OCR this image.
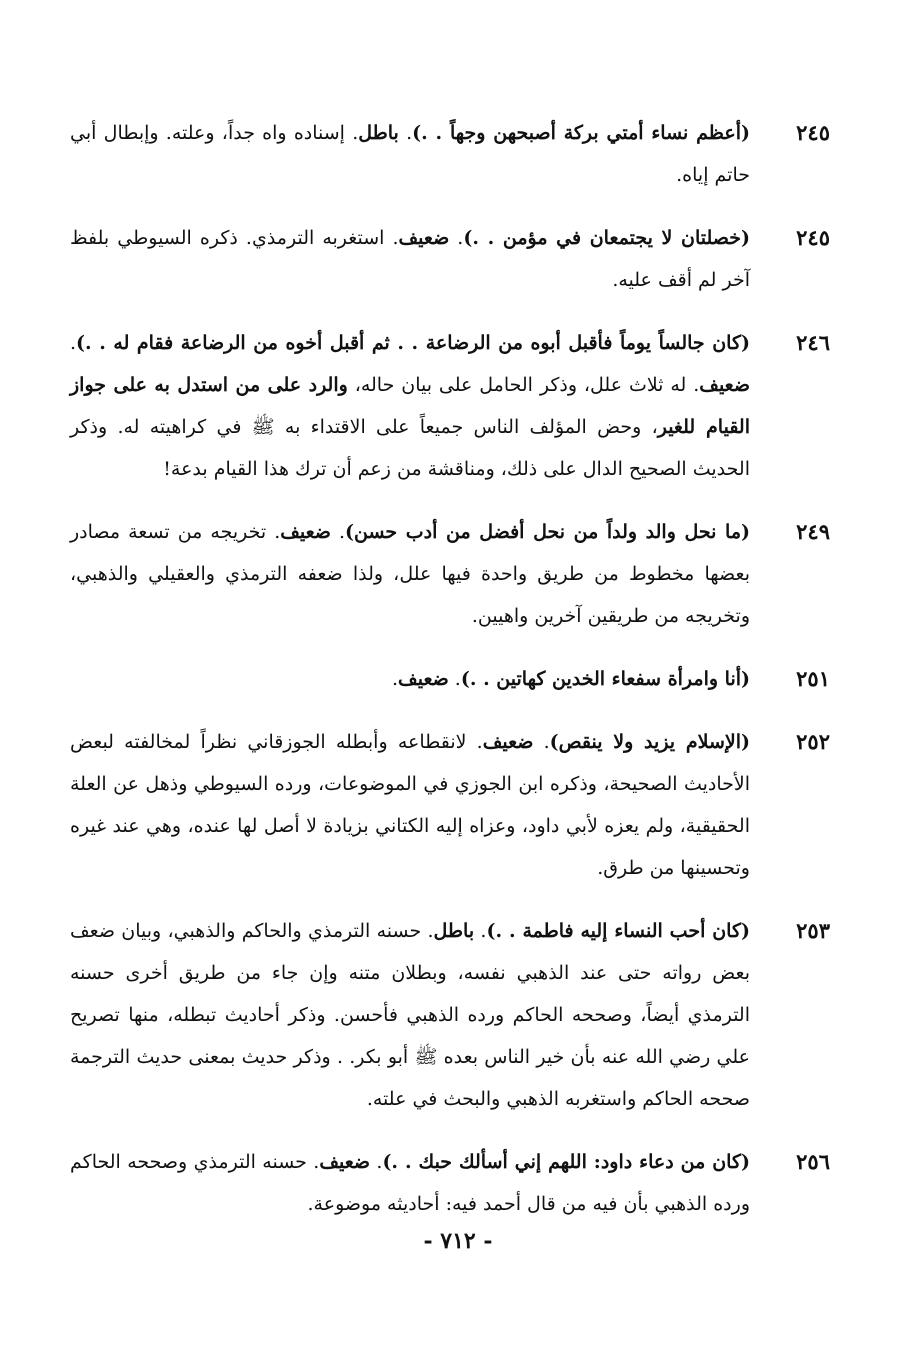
٢٤٥
(أعظم نساء أمتي بركة أصبحهن وجهاً . .). باطل. إسناده واه جداً، وعلته. وإبطال أبي حاتم إياه.
٢٤٥
(خصلتان لا يجتمعان في مؤمن . .). ضعيف. استغربه الترمذي. ذكره السيوطي بلفظ آخر لم أقف عليه.
٢٤٦
(كان جالساً يوماً فأقبل أبوه من الرضاعة . . ثم أقبل أخوه من الرضاعة فقام له . .). ضعيف. له ثلاث علل، وذكر الحامل على بيان حاله، والرد على من استدل به على جواز القيام للغير، وحض المؤلف الناس جميعاً على الاقتداء به ﷺ في كراهيته له. وذكر الحديث الصحيح الدال على ذلك، ومناقشة من زعم أن ترك هذا القيام بدعة!
٢٤٩
(ما نحل والد ولداً من نحل أفضل من أدب حسن). ضعيف. تخريجه من تسعة مصادر بعضها مخطوط من طريق واحدة فيها علل، ولذا ضعفه الترمذي والعقيلي والذهبي، وتخريجه من طريقين آخرين واهيين.
٢٥١
(أنا وامرأة سفعاء الخدين كهاتين . .). ضعيف.
٢٥٢
(الإسلام يزيد ولا ينقص). ضعيف. لانقطاعه وأبطله الجوزقاني نظراً لمخالفته لبعض الأحاديث الصحيحة، وذكره ابن الجوزي في الموضوعات، ورده السيوطي وذهل عن العلة الحقيقية، ولم يعزه لأبي داود، وعزاه إليه الكتاني بزيادة لا أصل لها عنده، وهي عند غيره وتحسينها من طرق.
٢٥٣
(كان أحب النساء إليه فاطمة . .). باطل. حسنه الترمذي والحاكم والذهبي، وبيان ضعف بعض رواته حتى عند الذهبي نفسه، وبطلان متنه وإن جاء من طريق أخرى حسنه الترمذي أيضاً، وصححه الحاكم ورده الذهبي فأحسن. وذكر أحاديث تبطله، منها تصريح علي رضي الله عنه بأن خير الناس بعده ﷺ أبو بكر. . وذكر حديث بمعنى حديث الترجمة صححه الحاكم واستغربه الذهبي والبحث في علته.
٢٥٦
(كان من دعاء داود: اللهم إني أسألك حبك . .). ضعيف. حسنه الترمذي وصححه الحاكم ورده الذهبي بأن فيه من قال أحمد فيه: أحاديثه موضوعة.
- ٧١٢ -
